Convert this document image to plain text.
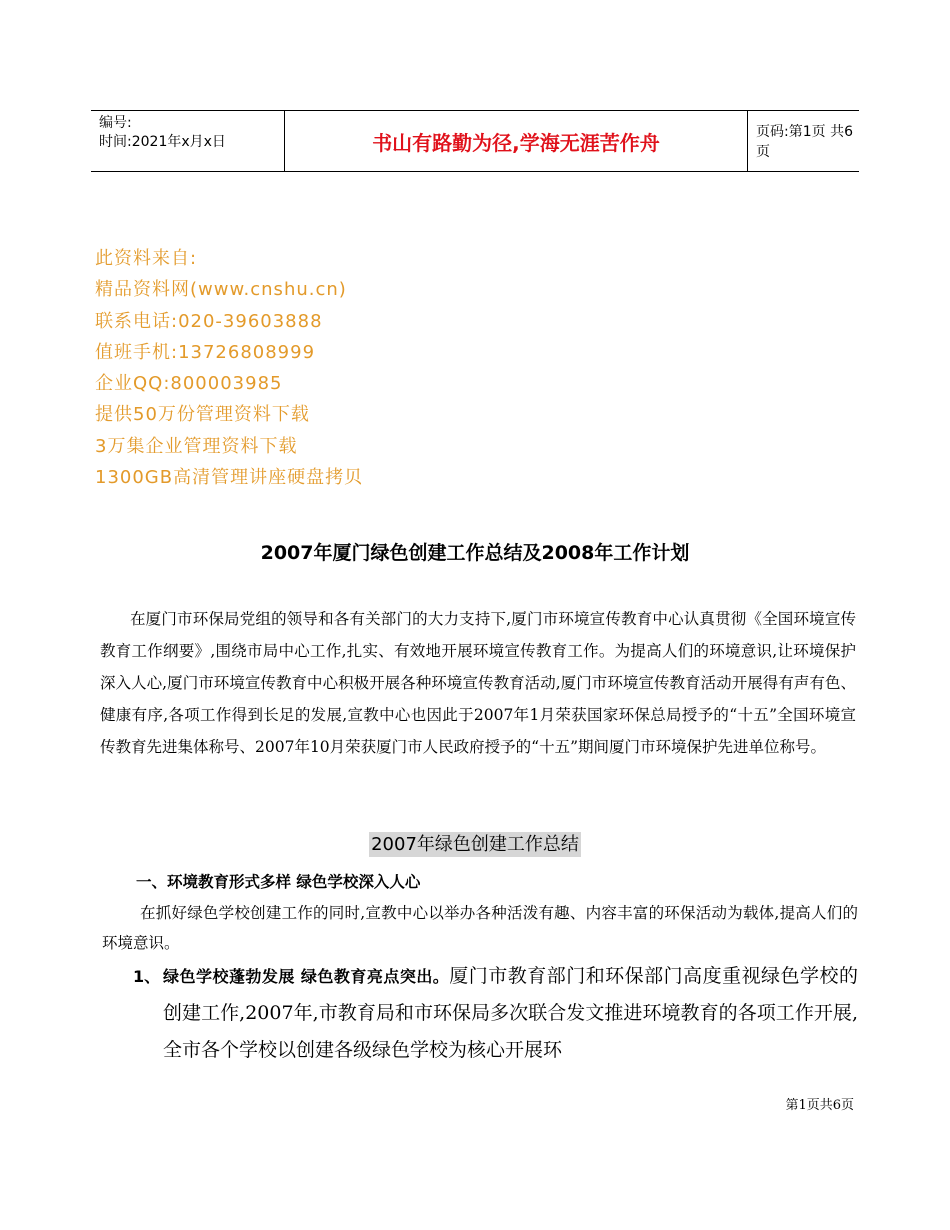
编号:
时间:2021年x月x日	书山有路勤为径,学海无涯苦作舟	页码:第1页 共6页
此资料来自:
精品资料网(www.cnshu.cn)
联系电话:020-39603888
值班手机:13726808999
企业QQ:800003985
提供50万份管理资料下载
3万集企业管理资料下载
1300GB高清管理讲座硬盘拷贝
2007年厦门绿色创建工作总结及2008年工作计划
在厦门市环保局党组的领导和各有关部门的大力支持下,厦门市环境宣传教育中心认真贯彻《全国环境宣传教育工作纲要》,围绕市局中心工作,扎实、有效地开展环境宣传教育工作。为提高人们的环境意识,让环境保护深入人心,厦门市环境宣传教育中心积极开展各种环境宣传教育活动,厦门市环境宣传教育活动开展得有声有色、健康有序,各项工作得到长足的发展,宣教中心也因此于2007年1月荣获国家环保总局授予的“十五”全国环境宣传教育先进集体称号、2007年10月荣获厦门市人民政府授予的“十五”期间厦门市环境保护先进单位称号。
2007年绿色创建工作总结
一、环境教育形式多样 绿色学校深入人心
在抓好绿色学校创建工作的同时,宣教中心以举办各种活泼有趣、内容丰富的环保活动为载体,提高人们的环境意识。
1、 绿色学校蓬勃发展 绿色教育亮点突出。厦门市教育部门和环保部门高度重视绿色学校的创建工作,2007年,市教育局和市环保局多次联合发文推进环境教育的各项工作开展,全市各个学校以创建各级绿色学校为核心开展环
第1页共6页
